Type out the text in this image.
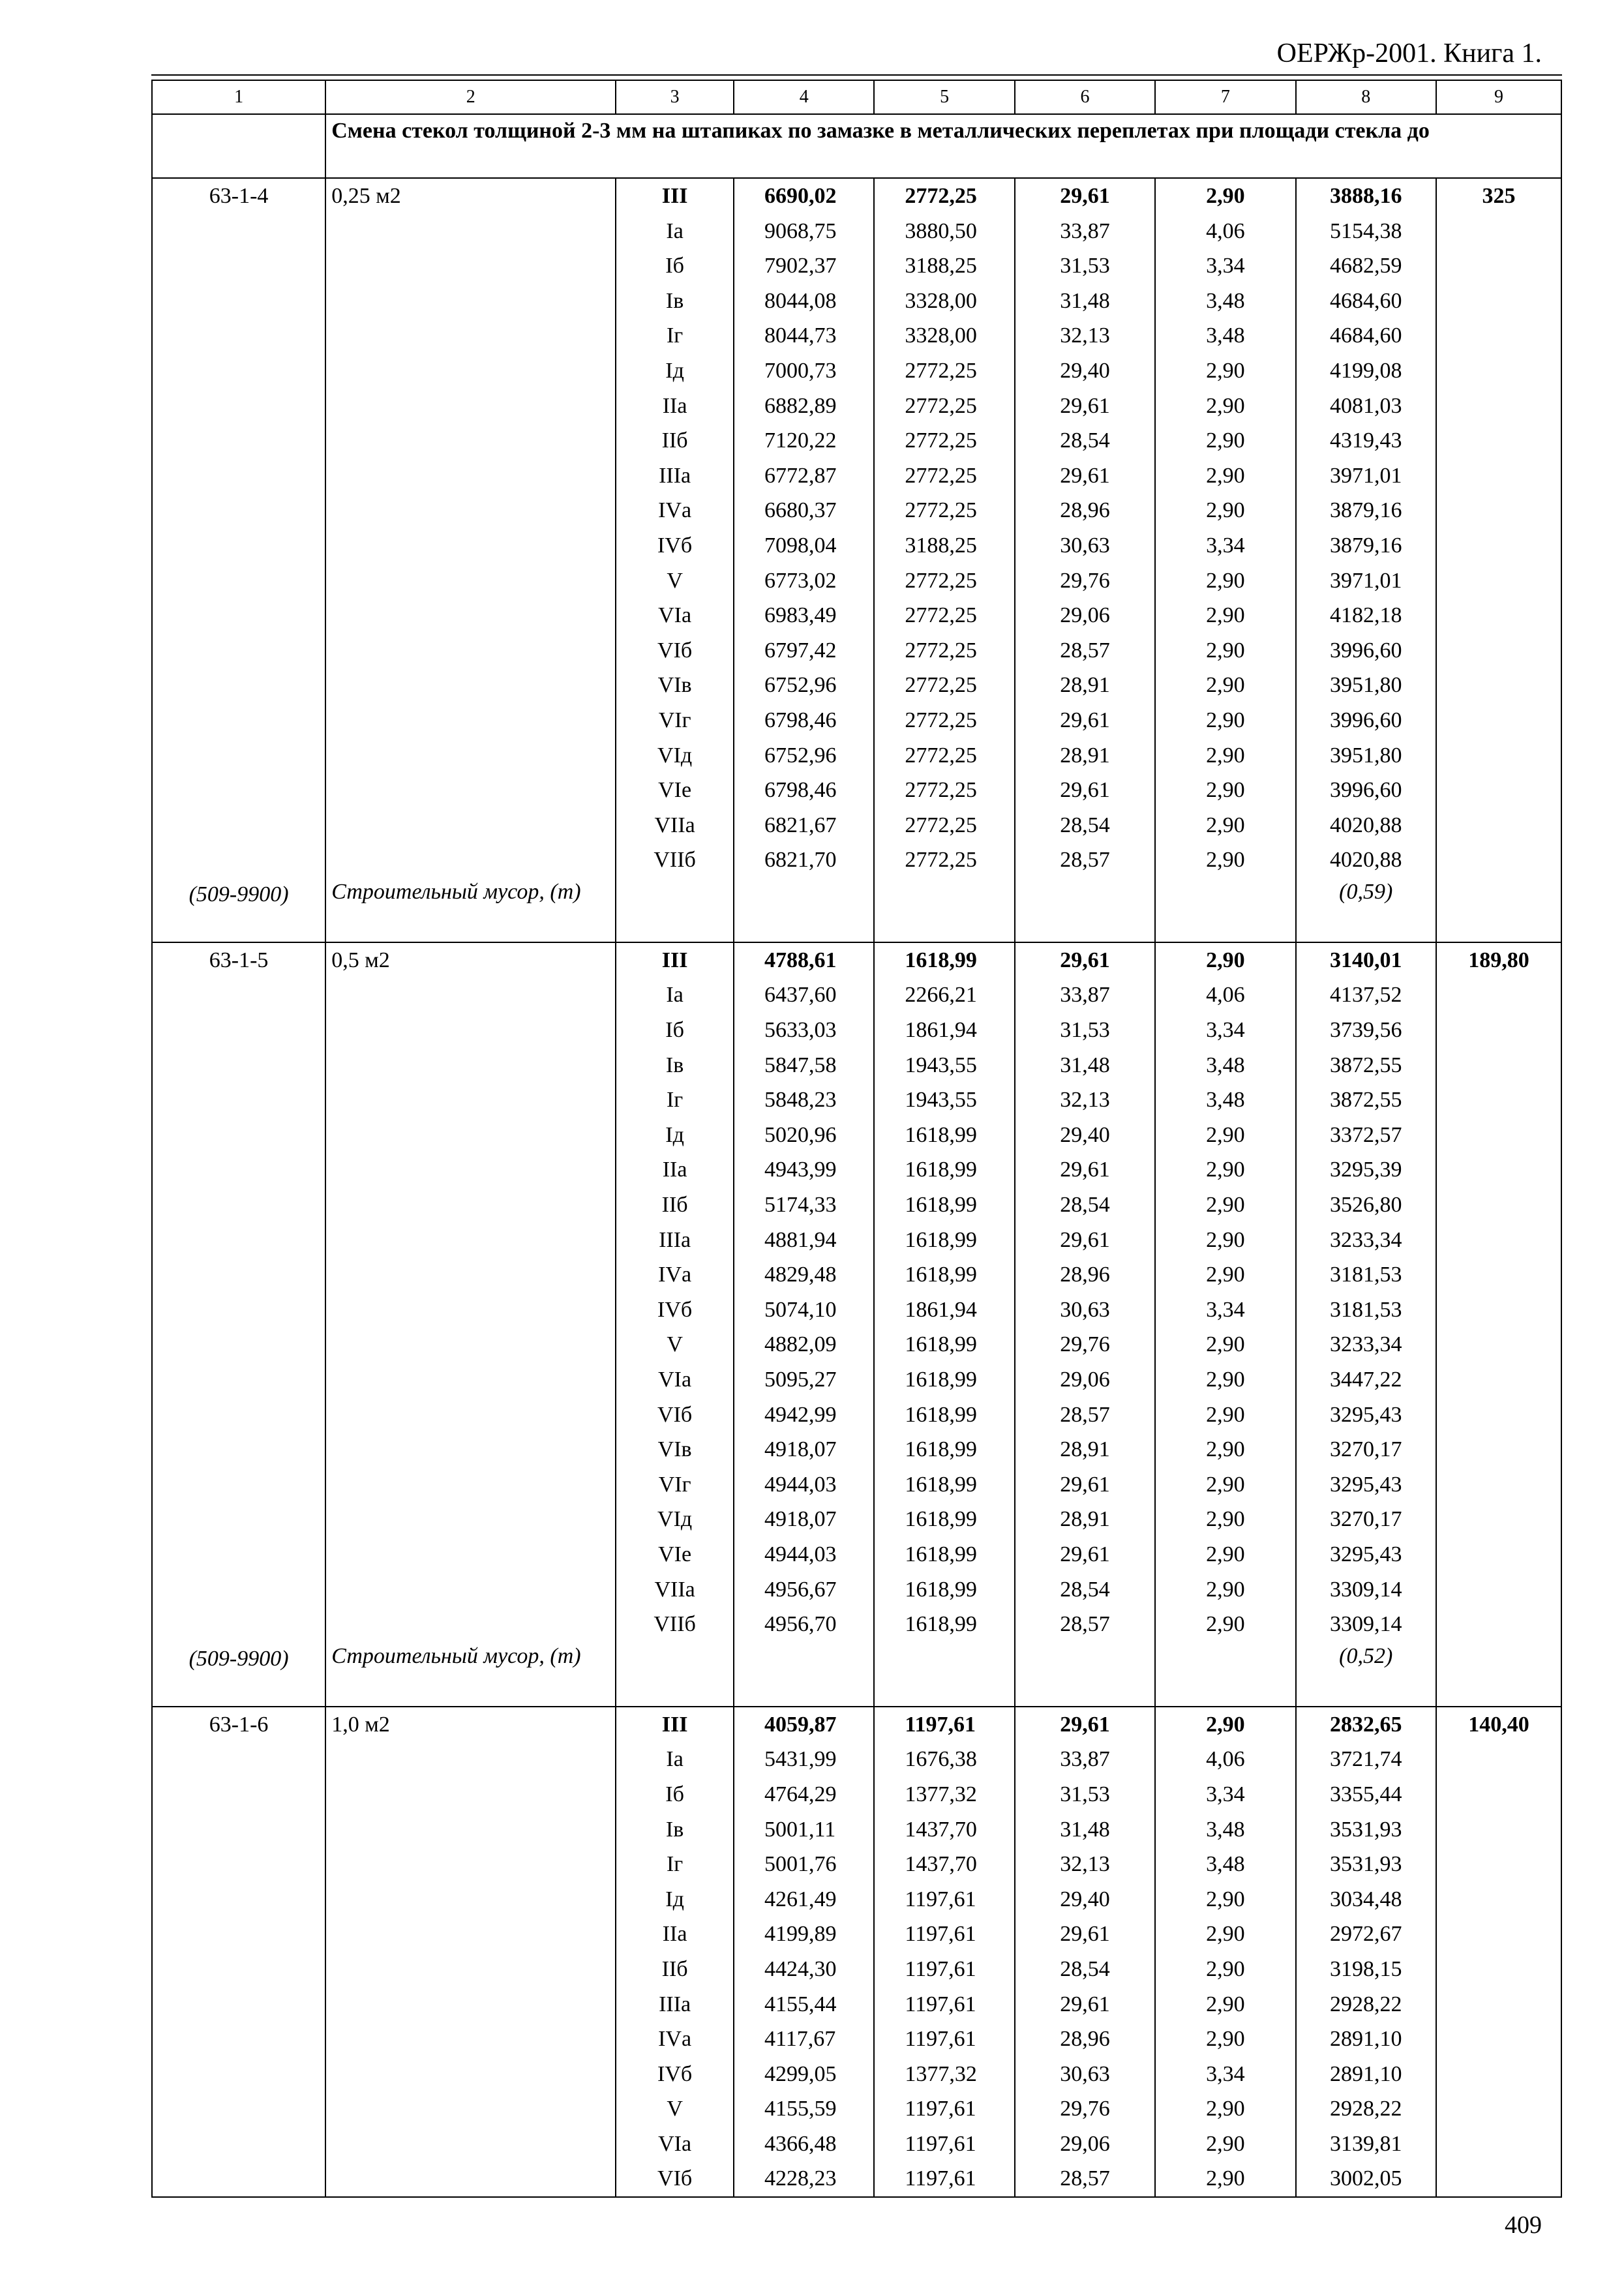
ОЕРЖр-2001. Книга 1.
1	2	3	4	5	6	7	8	9
	Смена стекол толщиной 2-3 мм на штапиках по замазке в металлических переплетах при площади стекла до							
63-1-4	0,25 м2	III	6690,02	2772,25	29,61	2,90	3888,16	325
		Iа	9068,75	3880,50	33,87	4,06	5154,38	
		Iб	7902,37	3188,25	31,53	3,34	4682,59	
		Iв	8044,08	3328,00	31,48	3,48	4684,60	
		Iг	8044,73	3328,00	32,13	3,48	4684,60	
		Iд	7000,73	2772,25	29,40	2,90	4199,08	
		IIа	6882,89	2772,25	29,61	2,90	4081,03	
		IIб	7120,22	2772,25	28,54	2,90	4319,43	
		IIIа	6772,87	2772,25	29,61	2,90	3971,01	
		IVа	6680,37	2772,25	28,96	2,90	3879,16	
		IVб	7098,04	3188,25	30,63	3,34	3879,16	
		V	6773,02	2772,25	29,76	2,90	3971,01	
		VIа	6983,49	2772,25	29,06	2,90	4182,18	
		VIб	6797,42	2772,25	28,57	2,90	3996,60	
		VIв	6752,96	2772,25	28,91	2,90	3951,80	
		VIг	6798,46	2772,25	29,61	2,90	3996,60	
		VIд	6752,96	2772,25	28,91	2,90	3951,80	
		VIе	6798,46	2772,25	29,61	2,90	3996,60	
		VIIа	6821,67	2772,25	28,54	2,90	4020,88	
		VIIб	6821,70	2772,25	28,57	2,90	4020,88	
(509-9900)	Строительный мусор, (т)						(0,59)	
63-1-5	0,5 м2	III	4788,61	1618,99	29,61	2,90	3140,01	189,80
		Iа	6437,60	2266,21	33,87	4,06	4137,52	
		Iб	5633,03	1861,94	31,53	3,34	3739,56	
		Iв	5847,58	1943,55	31,48	3,48	3872,55	
		Iг	5848,23	1943,55	32,13	3,48	3872,55	
		Iд	5020,96	1618,99	29,40	2,90	3372,57	
		IIа	4943,99	1618,99	29,61	2,90	3295,39	
		IIб	5174,33	1618,99	28,54	2,90	3526,80	
		IIIа	4881,94	1618,99	29,61	2,90	3233,34	
		IVа	4829,48	1618,99	28,96	2,90	3181,53	
		IVб	5074,10	1861,94	30,63	3,34	3181,53	
		V	4882,09	1618,99	29,76	2,90	3233,34	
		VIа	5095,27	1618,99	29,06	2,90	3447,22	
		VIб	4942,99	1618,99	28,57	2,90	3295,43	
		VIв	4918,07	1618,99	28,91	2,90	3270,17	
		VIг	4944,03	1618,99	29,61	2,90	3295,43	
		VIд	4918,07	1618,99	28,91	2,90	3270,17	
		VIе	4944,03	1618,99	29,61	2,90	3295,43	
		VIIа	4956,67	1618,99	28,54	2,90	3309,14	
		VIIб	4956,70	1618,99	28,57	2,90	3309,14	
(509-9900)	Строительный мусор, (т)						(0,52)	
63-1-6	1,0 м2	III	4059,87	1197,61	29,61	2,90	2832,65	140,40
		Iа	5431,99	1676,38	33,87	4,06	3721,74	
		Iб	4764,29	1377,32	31,53	3,34	3355,44	
		Iв	5001,11	1437,70	31,48	3,48	3531,93	
		Iг	5001,76	1437,70	32,13	3,48	3531,93	
		Iд	4261,49	1197,61	29,40	2,90	3034,48	
		IIа	4199,89	1197,61	29,61	2,90	2972,67	
		IIб	4424,30	1197,61	28,54	2,90	3198,15	
		IIIа	4155,44	1197,61	29,61	2,90	2928,22	
		IVа	4117,67	1197,61	28,96	2,90	2891,10	
		IVб	4299,05	1377,32	30,63	3,34	2891,10	
		V	4155,59	1197,61	29,76	2,90	2928,22	
		VIа	4366,48	1197,61	29,06	2,90	3139,81	
		VIб	4228,23	1197,61	28,57	2,90	3002,05	
409
